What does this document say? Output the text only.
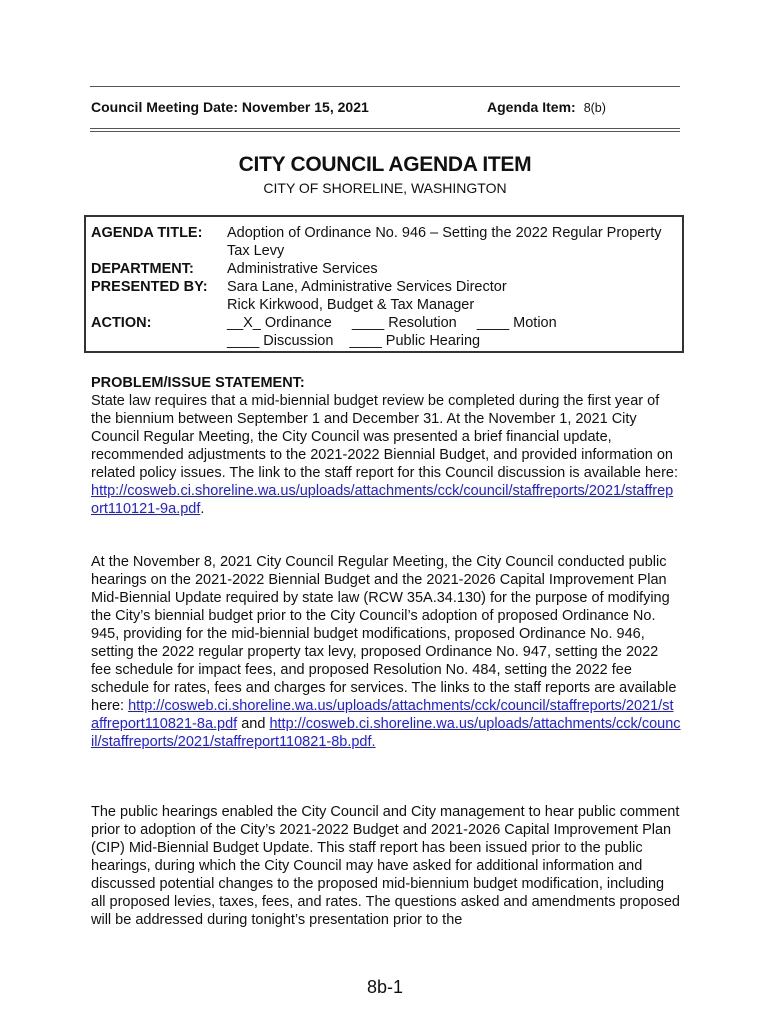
Council Meeting Date: November 15, 2021	Agenda Item: 8(b)
CITY COUNCIL AGENDA ITEM
CITY OF SHORELINE, WASHINGTON
AGENDA TITLE: Adoption of Ordinance No. 946 – Setting the 2022 Regular Property
Tax Levy
DEPARTMENT: Administrative Services
PRESENTED BY: Sara Lane, Administrative Services Director
Rick Kirkwood, Budget & Tax Manager
ACTION:	__X_ Ordinance     ____ Resolution     ____ Motion
____ Discussion    ____ Public Hearing

PROBLEM/ISSUE STATEMENT:

State law requires that a mid-biennial budget review be completed during the first year of the biennium between September 1 and December 31. At the November 1, 2021 City Council Regular Meeting, the City Council was presented a brief financial update, recommended adjustments to the 2021-2022 Biennial Budget, and provided information on related policy issues. The link to the staff report for this Council discussion is available here: http://cosweb.ci.shoreline.wa.us/uploads/attachments/cck/council/staffreports/2021/staffreport110121-9a.pdf.

At the November 8, 2021 City Council Regular Meeting, the City Council conducted public hearings on the 2021-2022 Biennial Budget and the 2021-2026 Capital Improvement Plan Mid-Biennial Update required by state law (RCW 35A.34.130) for the purpose of modifying the City’s biennial budget prior to the City Council’s adoption of proposed Ordinance No. 945, providing for the mid-biennial budget modifications, proposed Ordinance No. 946, setting the 2022 regular property tax levy, proposed Ordinance No. 947, setting the 2022 fee schedule for impact fees, and proposed Resolution No. 484, setting the 2022 fee schedule for rates, fees and charges for services. The links to the staff reports are available here: http://cosweb.ci.shoreline.wa.us/uploads/attachments/cck/council/staffreports/2021/staffreport110821-8a.pdf and http://cosweb.ci.shoreline.wa.us/uploads/attachments/cck/council/staffreports/2021/staffreport110821-8b.pdf.

The public hearings enabled the City Council and City management to hear public comment prior to adoption of the City’s 2021-2022 Budget and 2021-2026 Capital Improvement Plan (CIP) Mid-Biennial Budget Update. This staff report has been issued prior to the public hearings, during which the City Council may have asked for additional information and discussed potential changes to the proposed mid-biennium budget modification, including all proposed levies, taxes, fees, and rates. The questions asked and amendments proposed will be addressed during tonight’s presentation prior to the

8b-1
